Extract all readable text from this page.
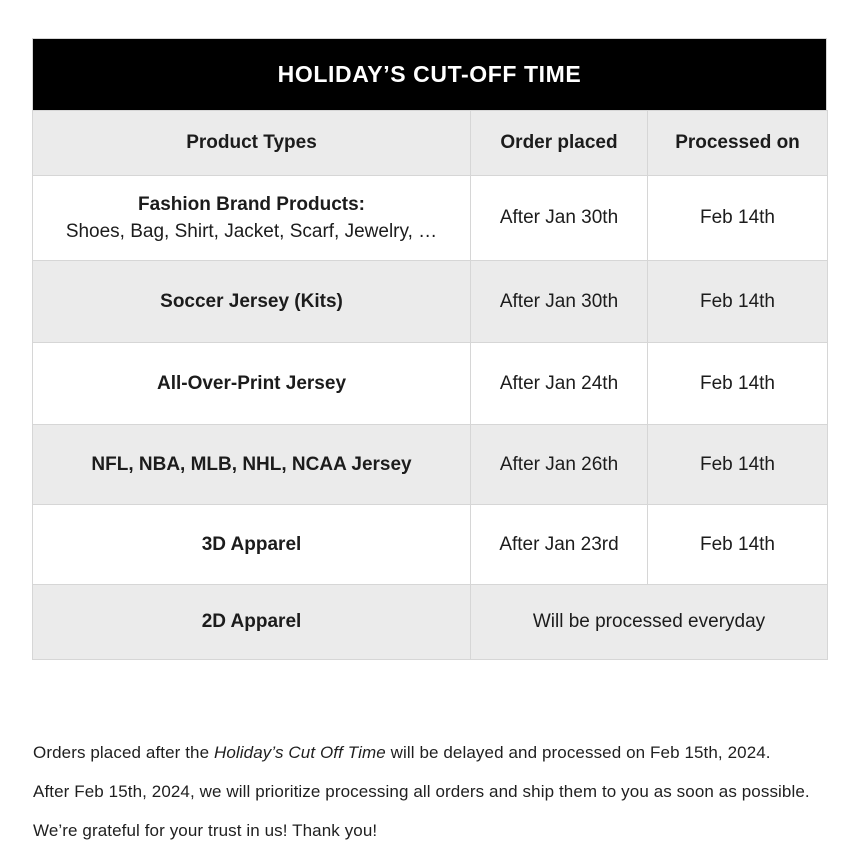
HOLIDAY’S CUT-OFF TIME
Product Types	Order placed	Processed on

Fashion Brand Products:
Shoes, Bag, Shirt, Jacket, Scarf, Jewelry, …	After Jan 30th	Feb 14th
Soccer Jersey (Kits)	After Jan 30th	Feb 14th
All-Over-Print Jersey	After Jan 24th	Feb 14th
NFL, NBA, MLB, NHL, NCAA Jersey	After Jan 26th	Feb 14th
3D Apparel	After Jan 23rd	Feb 14th
2D Apparel	Will be processed everyday	

Orders placed after the Holiday’s Cut Off Time will be delayed and processed on Feb 15th, 2024.

After Feb 15th, 2024, we will prioritize processing all orders and ship them to you as soon as possible.

We’re grateful for your trust in us! Thank you!
